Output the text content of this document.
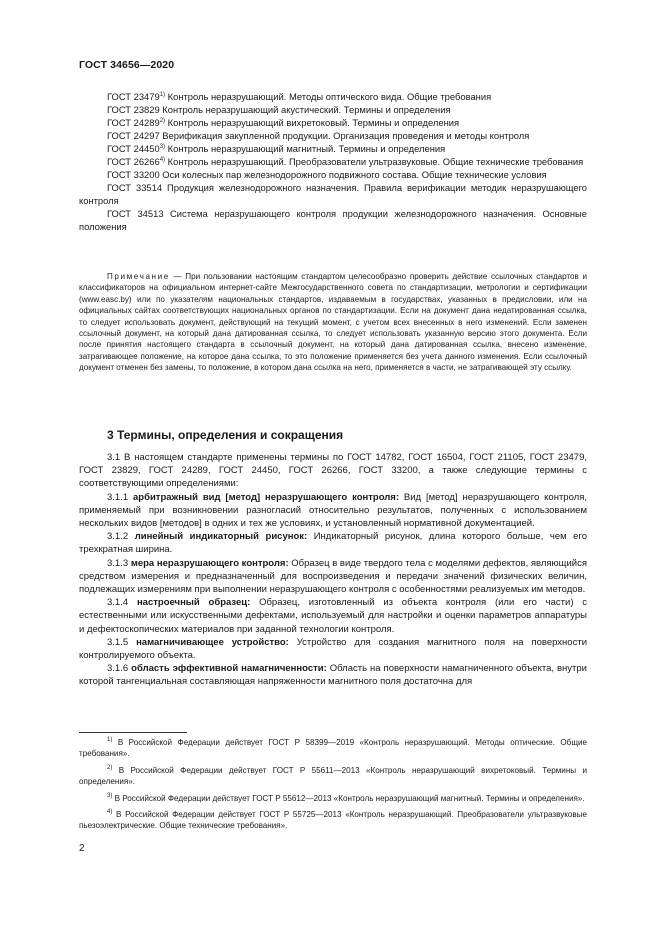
ГОСТ 34656—2020

ГОСТ 23479$^{1)}$ Контроль неразрушающий. Методы оптического вида. Общие требования

ГОСТ 23829 Контроль неразрушающий акустический. Термины и определения

ГОСТ 24289$^{2)}$ Контроль неразрушающий вихретоковый. Термины и определения

ГОСТ 24297 Верификация закупленной продукции. Организация проведения и методы контроля

ГОСТ 24450$^{3)}$ Контроль неразрушающий магнитный. Термины и определения

ГОСТ 26266$^{4)}$ Контроль неразрушающий. Преобразователи ультразвуковые. Общие технические требования

ГОСТ 33200 Оси колесных пар железнодорожного подвижного состава. Общие технические условия

ГОСТ 33514 Продукция железнодорожного назначения. Правила верификации методик неразрушающего контроля

ГОСТ 34513 Система неразрушающего контроля продукции железнодорожного назначения. Основные положения

Примечание — При пользовании настоящим стандартом целесообразно проверить действие ссылочных стандартов и классификаторов на официальном интернет-сайте Межгосударственного совета по стандартизации, метрологии и сертификации (www.easc.by) или по указателям национальных стандартов, издаваемым в государствах, указанных в предисловии, или на официальных сайтах соответствующих национальных органов по стандартизации. Если на документ дана недатированная ссылка, то следует использовать документ, действующий на текущий момент, с учетом всех внесенных в него изменений. Если заменен ссылочный документ, на который дана датированная ссылка, то следует использовать указанную версию этого документа. Если после принятия настоящего стандарта в ссылочный документ, на который дана датированная ссылка, внесено изменение, затрагивающее положение, на которое дана ссылка, то это положение применяется без учета данного изменения. Если ссылочный документ отменен без замены, то положение, в котором дана ссылка на него, применяется в части, не затрагивающей эту ссылку.

3 Термины, определения и сокращения

3.1 В настоящем стандарте применены термины по ГОСТ 14782, ГОСТ 16504, ГОСТ 21105, ГОСТ 23479, ГОСТ 23829, ГОСТ 24289, ГОСТ 24450, ГОСТ 26266, ГОСТ 33200, а также следующие термины с соответствующими определениями:

3.1.1 арбитражный вид [метод] неразрушающего контроля: Вид [метод] неразрушающего контроля, применяемый при возникновении разногласий относительно результатов, полученных с использованием нескольких видов [методов] в одних и тех же условиях, и установленный нормативной документацией.

3.1.2 линейный индикаторный рисунок: Индикаторный рисунок, длина которого больше, чем его трехкратная ширина.

3.1.3 мера неразрушающего контроля: Образец в виде твердого тела с моделями дефектов, являющийся средством измерения и предназначенный для воспроизведения и передачи значений физических величин, подлежащих измерениям при выполнении неразрушающего контроля с особенностями реализуемых им методов.

3.1.4 настроечный образец: Образец, изготовленный из объекта контроля (или его части) с естественными или искусственными дефектами, используемый для настройки и оценки параметров аппаратуры и дефектоскопических материалов при заданной технологии контроля.

3.1.5 намагничивающее устройство: Устройство для создания магнитного поля на поверхности контролируемого объекта.

3.1.6 область эффективной намагниченности: Область на поверхности намагниченного объекта, внутри которой тангенциальная составляющая напряженности магнитного поля достаточна для

$^{1)}$ В Российской Федерации действует ГОСТ Р 58399—2019 «Контроль неразрушающий. Методы оптические. Общие требования».

$^{2)}$ В Российской Федерации действует ГОСТ Р 55611—2013 «Контроль неразрушающий вихретоковый. Термины и определения».

$^{3)}$ В Российской Федерации действует ГОСТ Р 55612—2013 «Контроль неразрушающий магнитный. Термины и определения».

$^{4)}$ В Российской Федерации действует ГОСТ Р 55725—2013 «Контроль неразрушающий. Преобразователи ультразвуковые пьезоэлектрические. Общие технические требования».

2
